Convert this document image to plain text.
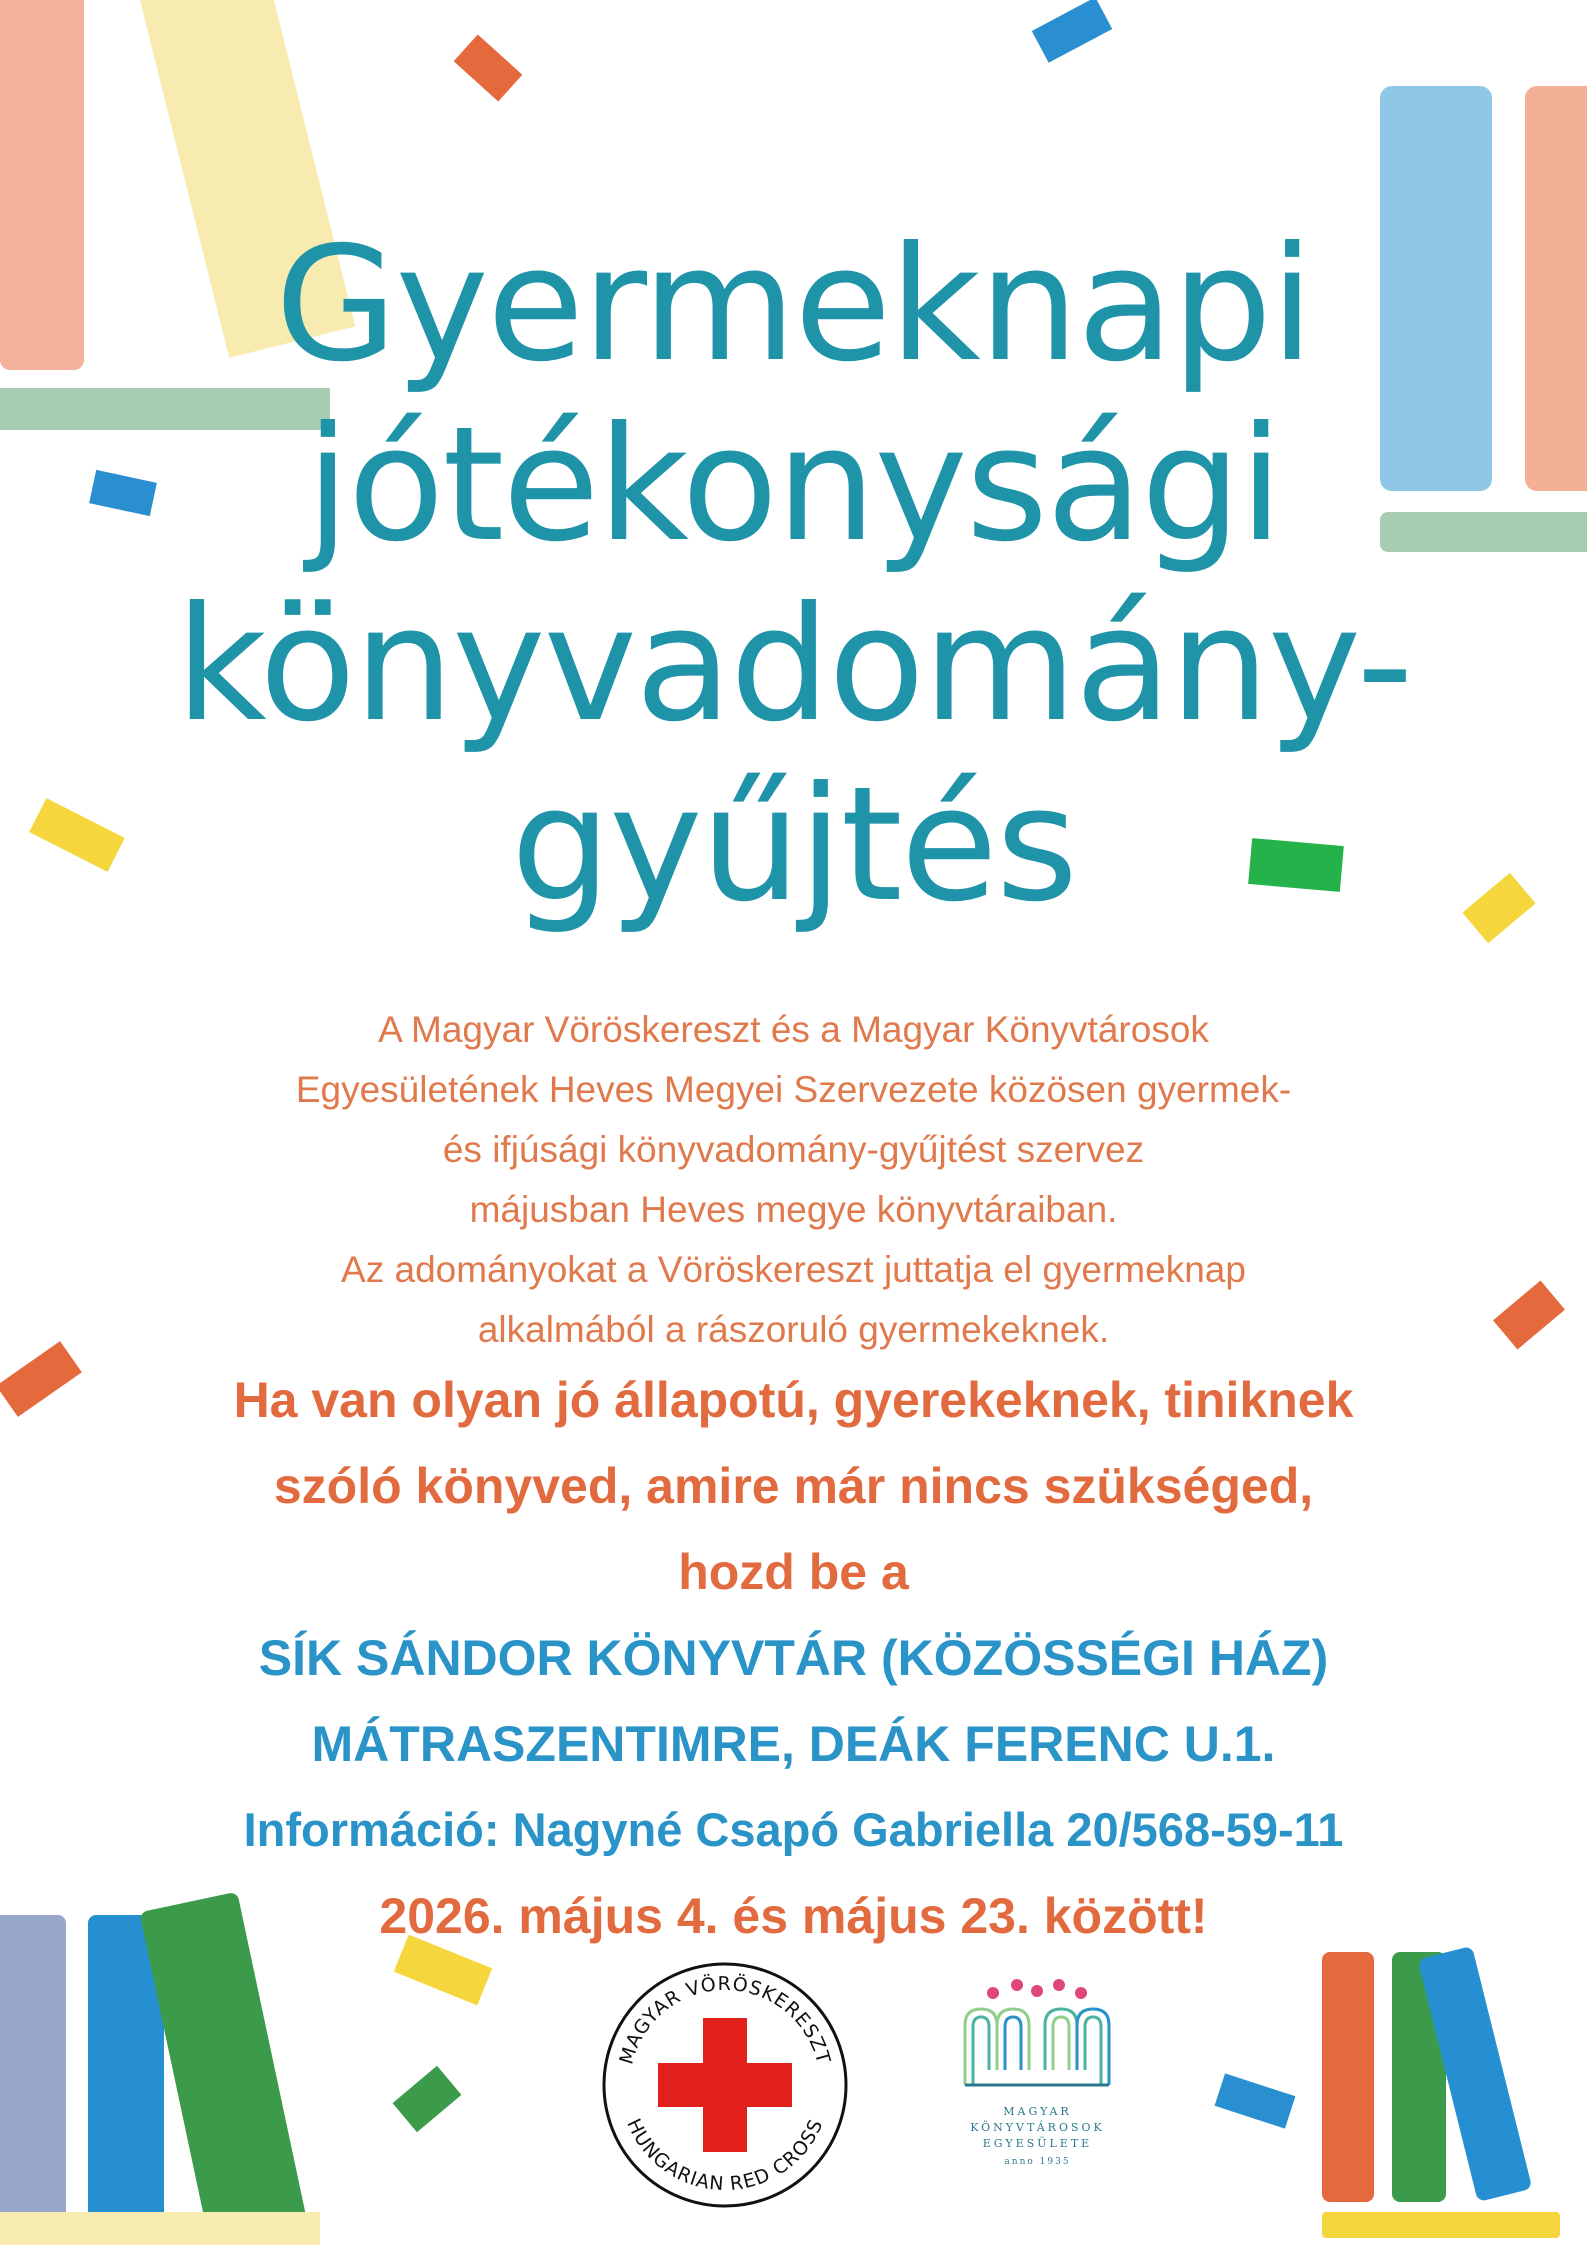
Gyermeknapi
jótékonysági
könyvadomány-
gyűjtés
A Magyar Vöröskereszt és a Magyar Könyvtárosok
Egyesületének Heves Megyei Szervezete közösen gyermek-
és ifjúsági könyvadomány-gyűjtést szervez
májusban Heves megye könyvtáraiban.
Az adományokat a Vöröskereszt juttatja el gyermeknap
alkalmából a rászoruló gyermekeknek.
Ha van olyan jó állapotú, gyerekeknek, tiniknek
szóló könyved, amire már nincs szükséged,
hozd be a
SÍK SÁNDOR KÖNYVTÁR (KÖZÖSSÉGI HÁZ)
MÁTRASZENTIMRE, DEÁK FERENC U.1.
Információ: Nagyné Csapó Gabriella 20/568-59-11
2026. május 4. és május 23. között!
MAGYAR VÖRÖSKERESZT
HUNGARIAN RED CROSS
MAGYAR
KÖNYVTÁROSOK
EGYESÜLETE
anno 1935
